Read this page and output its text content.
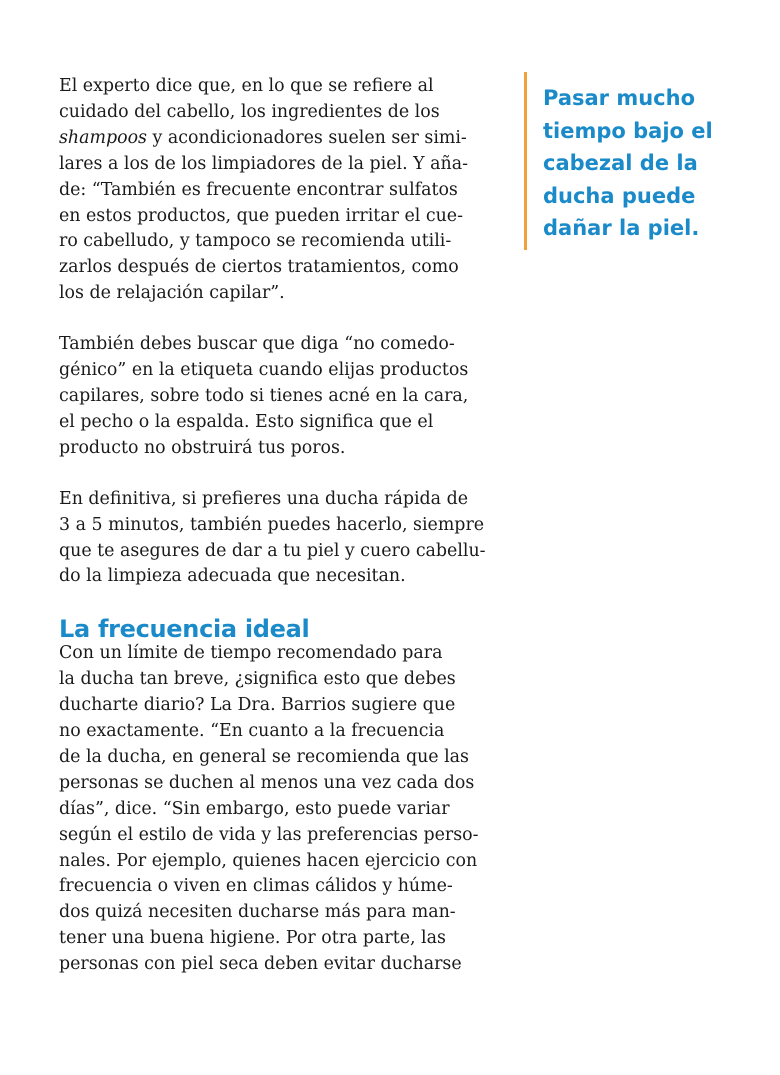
El experto dice que, en lo que se refiere al
cuidado del cabello, los ingredientes de los
shampoos y acondicionadores suelen ser simi-
lares a los de los limpiadores de la piel. Y aña-
de: “También es frecuente encontrar sulfatos
en estos productos, que pueden irritar el cue-
ro cabelludo, y tampoco se recomienda utili-
zarlos después de ciertos tratamientos, como
los de relajación capilar”.

También debes buscar que diga “no comedo-
génico” en la etiqueta cuando elijas productos
capilares, sobre todo si tienes acné en la cara,
el pecho o la espalda. Esto significa que el
producto no obstruirá tus poros.

En definitiva, si prefieres una ducha rápida de
3 a 5 minutos, también puedes hacerlo, siempre
que te asegures de dar a tu piel y cuero cabellu-
do la limpieza adecuada que necesitan.

La frecuencia ideal

Con un límite de tiempo recomendado para
la ducha tan breve, ¿significa esto que debes
ducharte diario? La Dra. Barrios sugiere que
no exactamente. “En cuanto a la frecuencia
de la ducha, en general se recomienda que las
personas se duchen al menos una vez cada dos
días”, dice. “Sin embargo, esto puede variar
según el estilo de vida y las preferencias perso-
nales. Por ejemplo, quienes hacen ejercicio con
frecuencia o viven en climas cálidos y húme-
dos quizá necesiten ducharse más para man-
tener una buena higiene. Por otra parte, las
personas con piel seca deben evitar ducharse

Pasar mucho
tiempo bajo el
cabezal de la
ducha puede
dañar la piel.
